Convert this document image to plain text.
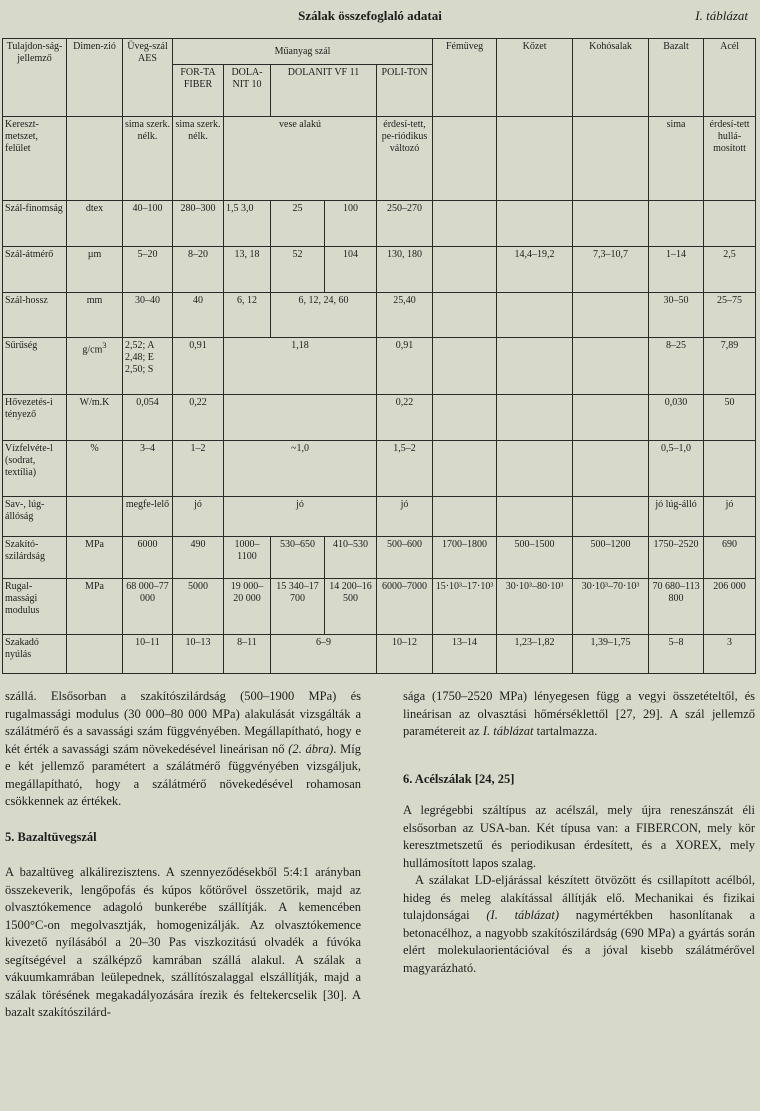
Szálak összefoglaló adatai	I. táblázat
Tulajdon-ság-jellemző	Dimen-zió	Üveg-szál AES	Műanyag szál					Fémüveg	Kőzet	Kohósalak	Bazalt	Acél
			FOR-TA FIBER	DOLA-NIT 10	DOLANIT VF 11		POLI-TON					
Kereszt-metszet, felület		sima szerk. nélk.	sima szerk. nélk.	vese alakú			érdesí-tett, pe-riódikus változó				sima	érdesí-tett hullá-mosított
Szál-finomság	dtex	40–100	280–300	1,5 3,0	25	100	250–270					
Szál-átmérő	µm	5–20	8–20	13, 18	52	104	130, 180		14,4–19,2	7,3–10,7	1–14	2,5
Szál-hossz	mm	30–40	40	6, 12	6, 12, 24, 60		25,40				30–50	25–75
Sűrűség	$g/cm^3$	2,52; A 2,48; E 2,50; S	0,91	1,18			0,91				8–25	7,89
Hővezetés-i tényező	W/m.K	0,054	0,22				0,22				0,030	50
Vízfelvéte-l (sodrat, textília)	%	3–4	1–2	~1,0			1,5–2				0,5–1,0	
Sav-, lúg-állóság		megfe-lelő	jó	jó			jó				jó lúg-álló	jó
Szakító-szilárdság	MPa	6000	490	1000–1100	530–650	410–530	500–600	1700–1800	500–1500	500–1200	1750–2520	690
Rugal-massági modulus	MPa	68 000–77 000	5000	19 000–20 000	15 340–17 700	14 200–16 500	6000–7000	15·10³–17·10³	30·10³–80·10³	30·10³–70·10³	70 680–113 800	206 000
Szakadó nyúlás		10–11	10–13	8–11	6–9		10–12	13–14	1,23–1,82	1,39–1,75	5–8	3

szállá. Elsősorban a szakítószilárdság (500–1900 MPa) és rugalmassági modulus (30 000–80 000 MPa) alakulását vizsgálták a szálátmérő és a savassági szám függvényében. Megállapítható, hogy e két érték a savassági szám növekedésével lineárisan nő (2. ábra). Míg e két jellemző paramétert a szálátmérő függvényében vizsgáljuk, megállapítható, hogy a szálátmérő növekedésével rohamosan csökkennek az értékek.

5. Bazaltüvegszál

A bazaltüveg alkálirezisztens. A szennyeződésekből 5:4:1 arányban összekeverik, lengőpofás és kúpos kőtörővel összetörik, majd az olvasztókemence adagoló bunkerébe szállítják. A kemencében 1500°C-on megolvasztják, homogenizálják. Az olvasztókemence kivezető nyílásából a 20–30 Pas viszkozitású olvadék a fúvóka segítségével a szálképző kamrában szállá alakul. A szálak a vákuumkamrában leülepednek, szállítószalaggal elszállítják, majd a szálak törésének megakadályozására írezik és feltekercselik [30]. A bazalt szakítószilárd-

sága (1750–2520 MPa) lényegesen függ a vegyi összetételtől, és lineárisan az olvasztási hőmérséklettől [27, 29]. A szál jellemző paramétereit az I. táblázat tartalmazza.

6. Acélszálak [24, 25]

A legrégebbi száltípus az acélszál, mely újra reneszánszát éli elsősorban az USA-ban. Két típusa van: a FIBERCON, mely kör keresztmetszetű és periodikusan érdesített, és a XOREX, mely hullámosított lapos szalag.

A szálakat LD-eljárással készített ötvözött és csillapított acélból, hideg és meleg alakítással állítják elő. Mechanikai és fizikai tulajdonságai (I. táblázat) nagymértékben hasonlítanak a betonacélhoz, a nagyobb szakítószilárdság (690 MPa) a gyártás során elért molekulaorientációval és a jóval kisebb szálátmérővel magyarázható.
